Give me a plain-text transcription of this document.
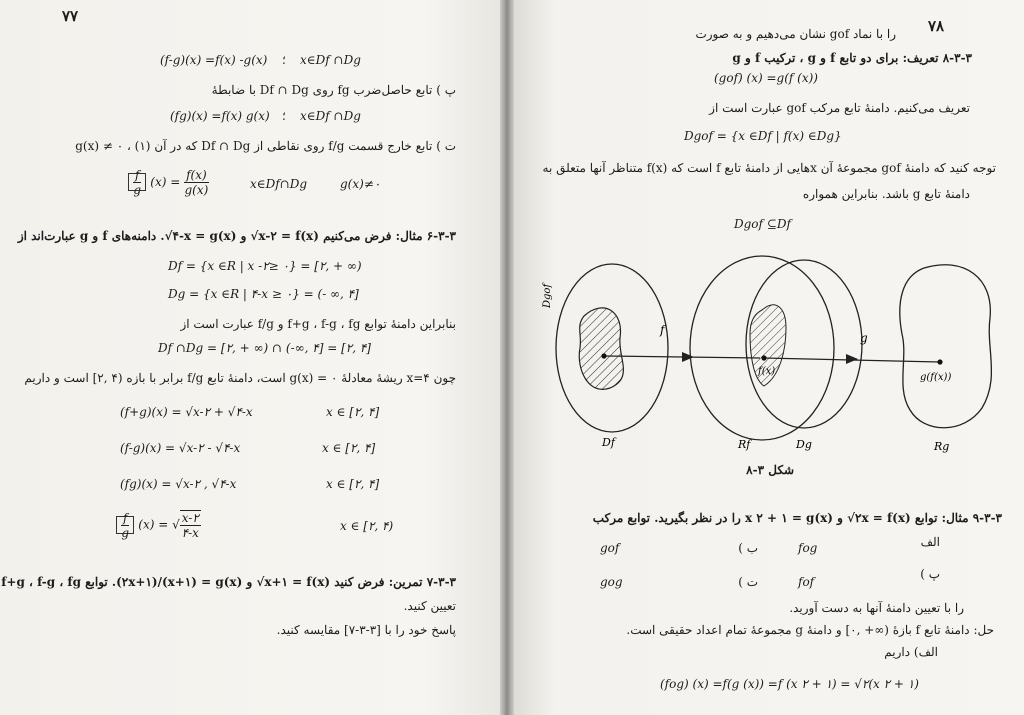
۷۷
(f-g)(x) =f(x) -g(x) ؛ x∈Df ∩Dg
پ ) تابع حاصل‌ضرب fg روی Df ∩ Dg با ضابطهٔ
(fg)(x) =f(x) g(x) ؛ x∈Df ∩Dg
ت ) تابع خارج قسمت f/g روی نقاطی از Df ∩ Dg که در آن g(x) ≠ ۰ ، (۱)
$\frac{f}{g} (x) = \frac{f(x)}{g(x)}$	x∈Df∩Dg	g(x)≠۰
۶-۳-۳ مثال: فرض می‌کنیم ‎√x-۲‎ = f(x) و ‎√۴-x‎ = g(x). دامنه‌های f و g عبارت‌اند از
Df = {x ∈R | x -۲≥ ۰} = [۲, + ∞)
Dg = {x ∈R | ۴-x ≥ ۰} = (- ∞, ۴]
بنابراین دامنهٔ توابع f+g ، f-g ، fg و f/g عبارت است از
Df ∩Dg = [۲, + ∞) ∩ (-∞, ۴] = [۲, ۴]
چون x=۴ ریشهٔ معادلهٔ g(x) = ۰ است، دامنهٔ تابع f/g برابر با بازه (۴ ,۲] است و داریم
(f+g)(x) = √x-۲ + √۴-x	x ∈ [۲, ۴]
(f-g)(x) = √x-۲ - √۴-x	x ∈ [۲, ۴]
(fg)(x) = √x-۲ , √۴-x	x ∈ [۲, ۴]
$\frac{f}{g} (x)$ = √ $\frac{x-۲}{۴-x}$	x ∈ [۲, ۴)
۷-۳-۳ تمرین: فرض کنید ‎√x+۱‎ = f(x) و ‎(۲x+۱)/(x+۱)‎ = g(x). توابع f+g ، f-g ، fg
تعیین کنید.
پاسخ خود را با [۳-۳-۷] مقایسه کنید.
۷۸
را با نماد gof نشان می‌دهیم و به صورت
۸-۳-۳ تعریف: برای دو تابع f و g ، ترکیب f و g
(gof) (x) =g(f (x))
تعریف می‌کنیم. دامنهٔ تابع مرکب gof عبارت است از
Dgof = {x ∈Df | f(x) ∈Dg}
توجه کنید که دامنهٔ gof مجموعهٔ آن xهایی از دامنهٔ تابع f است که f(x) متناظر آنها متعلق به
دامنهٔ تابع g باشد. بنابراین همواره
Dgof ⊆Df
Dgof
f
g
f(x)
g(f(x))
Df	Rf	Dg	Rg
شکل ۳-۸
۹-۳-۳ مثال: توابع ‎√۲x‎ = f(x) و x ۲ + ۱ = g(x) را در نظر بگیرید. توابع مرکب
الف
gof	ب )	fog
gog	ت )	fof
پ )
را با تعیین دامنهٔ آنها به دست آورید.
حل: دامنهٔ تابع f بازهٔ (∞+ ,۰] و دامنهٔ g مجموعهٔ تمام اعداد حقیقی است.
الف) داریم
(fog) (x) =f(g (x)) =f (x ۲ + ۱) = √۲(x ۲ + ۱)
